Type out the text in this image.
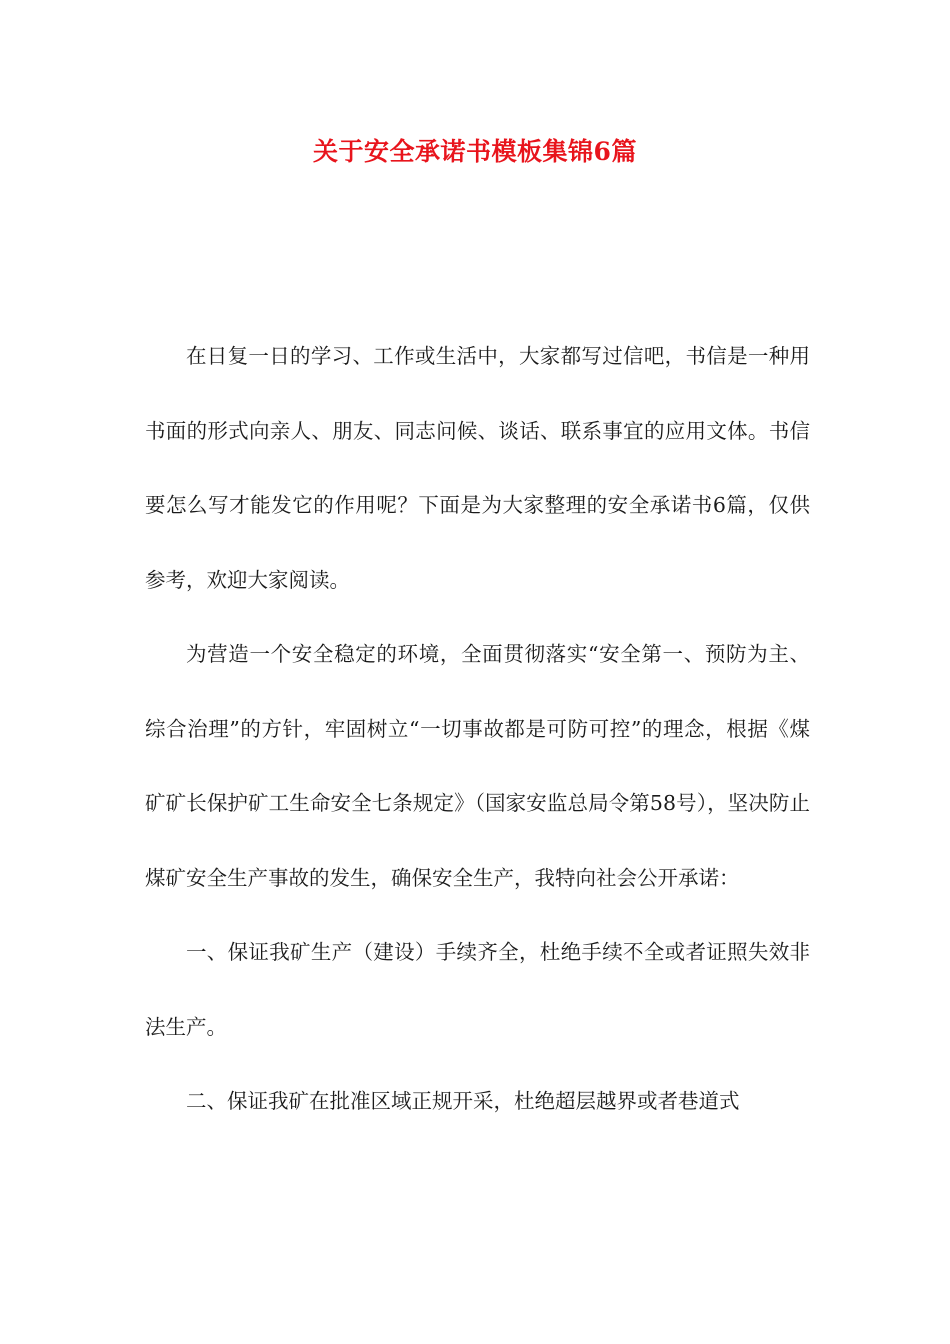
关于安全承诺书模板集锦6篇

在日复一日的学习、工作或生活中，大家都写过信吧，书信是一种用书面的形式向亲人、朋友、同志问候、谈话、联系事宜的应用文体。书信要怎么写才能发它的作用呢？下面是为大家整理的安全承诺书6篇，仅供参考，欢迎大家阅读。

为营造一个安全稳定的环境，全面贯彻落实“安全第一、预防为主、综合治理”的方针，牢固树立“一切事故都是可防可控”的理念，根据《煤矿矿长保护矿工生命安全七条规定》（国家安监总局令第58号），坚决防止煤矿安全生产事故的发生，确保安全生产，我特向社会公开承诺：

一、保证我矿生产（建设）手续齐全，杜绝手续不全或者证照失效非法生产。

二、保证我矿在批准区域正规开采，杜绝超层越界或者巷道式
